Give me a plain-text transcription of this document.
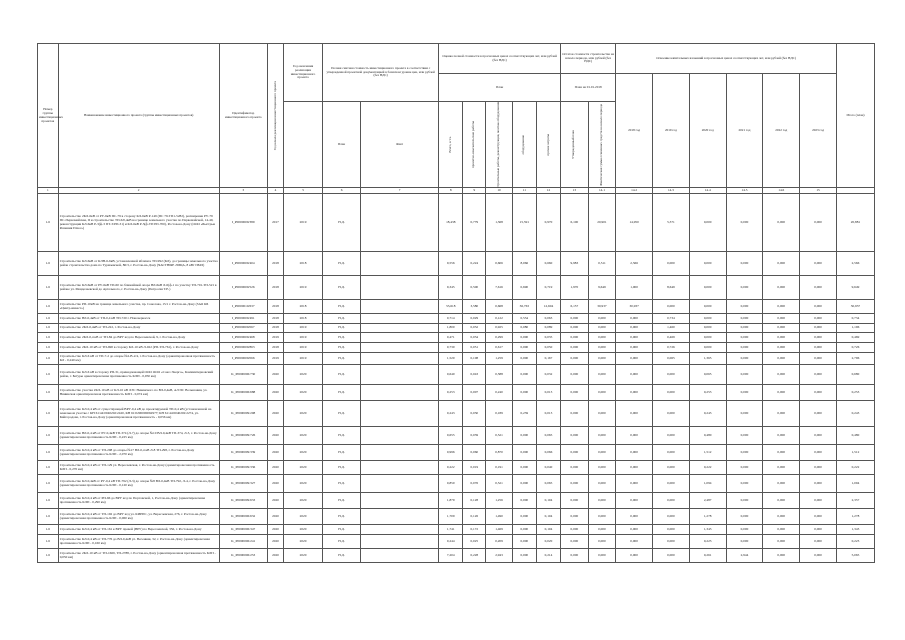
Номер группы инвестиционных проектов	Наименование инвестиционного проекта (группы инвестиционных проектов)	Идентификатор инвестиционного проекта	Год начала реализации инвестиционного проекта	Год окончания реализации инвестиционного проекта	Полная сметная стоимость инвестиционного проекта в соответствии с утвержденной проектной документацией в базисном уровне цен, млн рублей (без НДС)		Оценка полной стоимости в прогнозных ценах соответствующих лет, млн рублей (без НДС)					Остаток стоимости строительства на начало периода, млн рублей (без НДС)		Освоение капитальных вложений в прогнозных ценах соответствующих лет, млн рублей (без НДС)						Итого (план)
							План					План на 01.01.2018		2018 год	2019 год	2020 год	2021 год	2022 год	2023 год	
					План	Факт	Всего, в т.ч.	проектно-изыскательские работы	строительные работы, реконструкция, монтаж оборудования	оборудование	прочие затраты	Утвержденный план	Фактическая сумма освоенных средств на начало периода							

1	2	3	4	5	6	7	8	9	10	11	12	13	14.1	14.2	14.3	14.4	14.5	14.6	15	
1.6	Строительство 2КЛ-6кВ от РУ-6кВ ПС-79 в сторону КЛ-6кВ Р-149 (ПС 79-ТП1-5282), расширение РУ-79 ПС-Первомайская, II и строительство ТП-6/0,4кВ на границе земельного участка по Первомайской, 14-40, реконструкция КЛ-6кВ Р-3(ф-3 ПТ-3/РП-31) и КЛ-6кВ Р-3(ф-ТП РП-700), Ростов-на-Дону (ООО «Быстрые Решения Плюс»)	I_P0000009/389	2017	2019	Н.Д.		18,438	0,779	1,368	15,591	0,970	6,100	20,901	14,950	5,371	0,000	0,000	0,000	0,000	20,881
1.6	Строительство КЛ-6кВ от КЛН-6-6кВ, установленной вблизи к ТП-992 (КЛ), до границы земельного участка район строительства дома по Турмаевской, 86/3, г. Ростов-на-Дону (ЧАСТНЫЕ ЛИЦА, 8 кВт ПМЛ)	I_P0000009/404	2018	2018	Н.Д.		9,556	0,224	0,606	8,066	0,660	9,983	0,511	2,566	0,000	0,000	0,000	0,000	0,000	2,566
1.6	Строительство КЛ-6кВ от РУ-6кВ ТП-60 по ближайшей опоре ВЛ-6кВ Л-6(ф-1 по участку ТП-701-ТП-521 в районе ул. Менделеевской до Артельного, г. Ростов-на-Дону (Петросян Т.Е.)	I_P0000009/526	2018	2019	Н.Д.		9,345	0,500	7,616	0,690	0,719	1,970	9,649	1,000	8,649	0,000	0,000	0,000	0,000	9,649
1.6	Строительство РП-10кВ на границе земельного участка, пр. Соколова, 15/1 г. Ростов-на-Дону (ЗАО КБ «Центр-инвест»)	I_P0000010/637	2018	2018	Н.Д.		53,618	3,580	0,668	36,763	12,604	6,157	30,937	30,937	0,000	0,000	0,000	0,000	0,000	30,937
1.6	Строительство ВЛ-0,4кВ от ТП-0,4 кВ ТП-720 г. Новочеркасск	I_P0000009/491	2018	2018	Н.Д.		0,714	0,029	0,122	0,534	0,063	0,000	0,000	0,000	0,734	0,000	0,000	0,000	0,000	0,734
1.6	Строительство 2КЛ-0,4кВ от ТП-222, г. Ростов-на-Дону	I_P0000009/067	2018	2019	Н.Д.		1,800	0,032	0,925	0,080	0,089	0,000	0,000	0,000	1,460	0,000	0,000	0,000	0,000	1,196
1.6	Строительство 2КЛ-0,4 кВ от ТП-84 до ВРУ ж/д по Вересаевской, 9, г. Ростов-на-Дону	I_P0000009/468	2019	2019	Н.Д.		0,471	0,034	0,299	0,000	0,035	0,000	0,000	0,000	0,469	0,000	0,000	0,000	0,000	0,469
1.6	Строительство 2КЛ-10 кВ от ТП-690 в сторону КЛ-10 кВ Л-022 (РП-ТП-761), г. Ростов-на-Дону	I_P0000009/863	2018	2019	Н.Д.		0,730	0,051	0,617	0,000	0,050	0,000	0,000	0,000	0,726	0,000	0,000	0,000	0,000	0,726
1.6	Строительство КЛ-6 кВ от ТП-7-2 до опоры №2-В-2/4, г. Ростов-на-Дону (ориентировочная протяженность КЛ - 0,240 км)	I_P0000009/066	2019	2019	Н.Д.		1,520	0,108	1,259	0,000	0,167	0,000	0,000	0,000	0,065	1,365	0,000	0,000	0,000	2,796
1.6	Строительство КЛ-6 кВ в сторону РП-31, принадлежащей ООО ООО «Союз Энерго», Комминтерновский район, г. Батуры ориентировочная протяженность КЛИ - 0,050 км)	K_P0000006/730	2020	2020	Н.Д.		0,640	0,043	0,588	0,000	0,032	0,000	0,000	0,000	0,000	0,065	0,000	0,000	0,000	0,680
1.6	Строительство участка 2КЛ-10 кВ от КЛ-10 кВ ЛЭС Невинского по ВЛ-0,4кВ, АЛ ПС Вольшовия, ул. Нянинская ориентировочная протяженность КЛП - 0,074 км)	K_P0000006/688	2020	2020	Н.Д.		0,253	0,007	0,240	0,000	0,013	0,000	0,000	0,000	0,000	0,253	0,000	0,000	0,000	0,253
1.6	Строительство КЛ-0,4 кВ от существующей ВРУ-0,4 кВ до проектируемой ТП-0,4 кВ (установленной на земельном участке с КН 61:44:0040202:2420, КН 61:0290000062977; КН 61:44:0040202:2274, ул. Кайгородова, г. Ростов-на-Дону (ориентировочная протяженность - 0,056 км)	K_P0000009/208	2020	2020	Н.Д.		0,243	0,030	0,189	0,239	0,013	0,000	0,000	0,000	0,000	0,243	0,000	0,000	0,000	0,243
1.6	Строительство ВЛ-0,4 кВ от РУ-0,4кВ ТП-374 (Л-7) до опоры №10 ВЛ-0,4кВ ТП-374, Л-3, г. Ростов-на-Дону (ориентировочная протяженность КЛП - 0,225 км)	K_P0000009/726	2020	2020	Н.Д.		0,655	0,039	0,521	0,000	0,065	0,000	0,000	0,000	0,000	0,480	0,000	0,000	0,000	0,480
1.6	Строительство КЛ-0,4 кВ от ТП-298 до опоры №17 ВЛ-0,4 кВ Л-8 ТП-298, г. Ростов-на-Дону (ориентировочная протяженность КЛП - 2,070 км)	K_P0000009/339	2020	2020	Н.Д.		0,996	0,060	0,870	0,000	0,066	0,000	0,000	0,000	0,000	1,512	0,000	0,000	0,000	1,512
1.6	Строительство КЛ-0,4 кВ от ТП-129 ул. Вересаевская, г. Ростов-на-Дону (ориентировочная протяженность КЛП - 0,270 км)	K_P0000009/336	2020	2020	Н.Д.		0,222	0,019	0,191	0,000	0,040	0,000	0,000	0,000	0,000	0,222	0,000	0,000	0,000	0,222
1.6	Строительство КЛ-0,4кВ от РУ-0,4 кВ ТП-792 (Л-3) до опоры №8 ВЛ-0,4кВ ТП-792, Л-4, г. Ростов-на-Дону (ориентировочная протяженность КЛП - 0,120 км)	K_P0000009/327	2020	2020	Н.Д.		0,850	0,076	0,521	0,000	0,065	0,000	0,000	0,000	0,000	1,094	0,000	0,000	0,000	1,094
1.6	Строительство КЛ-0,4 кВ от РП-66 до ВРУ ж/д по Портовской, 1, Ростов-на-Дону (ориентировочная протяженность КЛП - 0,290 км)	K_P0000009/633	2020	2020	Н.Д.		1,879	0,128	1,256	0,000	0,104	0,000	0,000	0,000	0,000	2,487	0,000	0,000	0,000	2,357
1.6	Строительство КЛ-0,4 кВ от ТП-192 до ВРУ ж/д ул. КИРПС, ул. Вересаевская, 276, г. Ростов-на-Дону (ориентировочная протяженность КЛП - 0,060 км)	K_P0000006/632	2020	2020	Н.Д.		1,709	0,126	1,490	0,000	0,104	0,000	0,000	0,000	0,000	1,278	0,000	0,000	0,000	1,278
1.6	Строительство КЛ-0,4 кВ от ТП-161 к ВРУ правой (ВРУ) по Вересаевской, 356, г. Ростов-на-Дону	K_P0000006/347	2020	2020	Н.Д.		1,741	0,172	1,469	0,000	0,104	0,000	0,000	0,000	0,000	1,343	0,000	0,000	0,000	1,343
1.6	Строительство КЛ-0,4 кВ от ТП-776 до ВЛ-0,4кВ ул. Весенняя, 32, г. Ростов-на-Дону (ориентировочная протяженность КЛП - 0,160 км)	K_P0000006/241	2020	2020	Н.Д.		0,244	0,025	0,209	0,000	0,020	0,000	0,000	0,000	0,000	0,223	0,000	0,000	0,000	0,223
1.6	Строительство 2КЛ-10 кВ от ТП-1669, ТП-2788, г. Ростов-на-Дону (ориентировочная протяженность КЛП - 0,050 км)	K_P0000006/253	2020	2020	Н.Д.		7,204	0,228	2,943	0,000	0,214	0,000	0,000	0,000	0,000	0,261	2,944	0,000	0,000	5,065
